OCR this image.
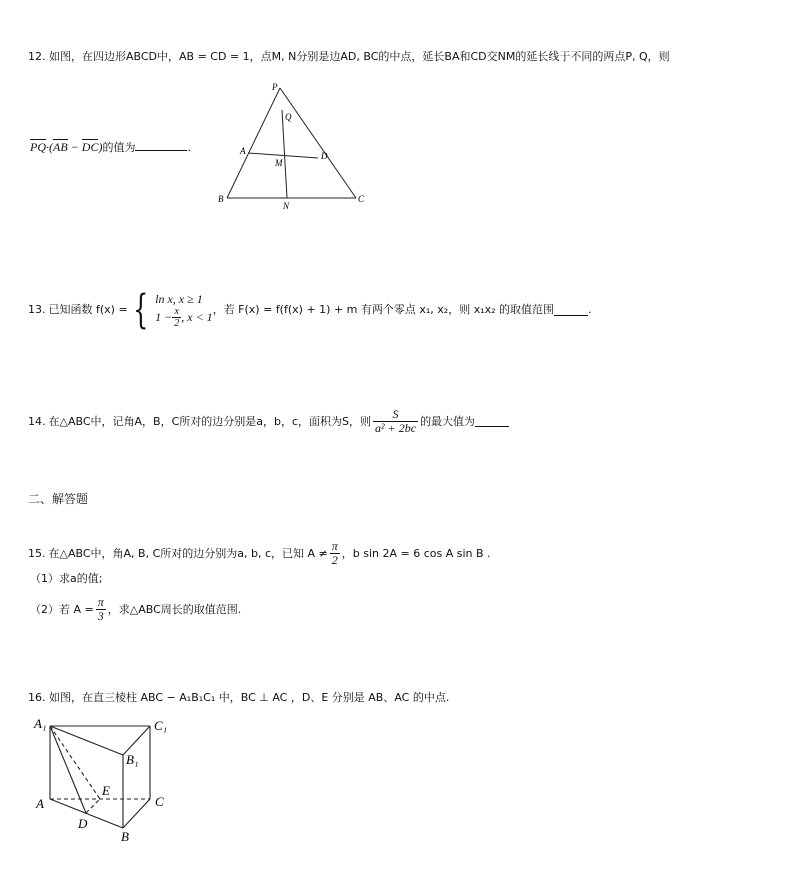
12. 如图，在四边形ABCD中，AB = CD = 1，点M, N分别是边AD, BC的中点，延长BA和CD交NM的延长线于不同的两点P, Q，则
PQ·(AB − DC)的值为	.
P
Q
A
M
D
B
N
C
13. 已知函数 f(x) = { ln x, x ≥ 1
$1 - \frac{x}{2}$ , x < 1
，若 F(x) = f(f(x) + 1) + m 有两个零点 x₁, x₂，则 x₁x₂ 的取值范围	.
14. 在△ABC中，记角A，B，C所对的边分别是a，b，c，面积为S，则 $\frac{S}{\text{a² + 2bc}}$ 的最大值为
二、解答题
15. 在△ABC中，角A, B, C所对的边分别为a, b, c，已知 $A \ne \frac{\pi}{2}$ ，b sin 2A = 6 cos A sin B .
（1）求a的值;
（2）若 $A = \frac{\pi}{3}$ ，求△ABC周长的取值范围.
16. 如图，在直三棱柱 ABC − A₁B₁C₁ 中，BC ⊥ AC ，D、E 分别是 AB、AC 的中点.
A₁	C₁
B₁
A
E
C
D
B
